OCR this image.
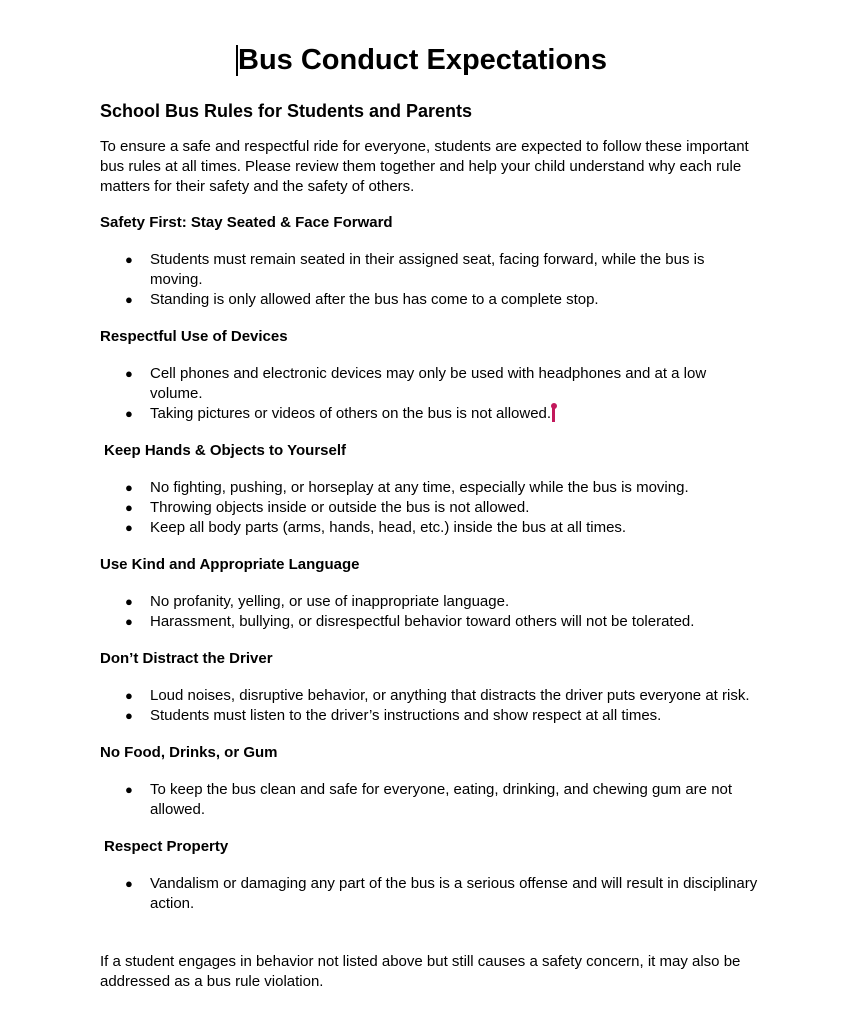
Bus Conduct Expectations
School Bus Rules for Students and Parents

To ensure a safe and respectful ride for everyone, students are expected to follow these important bus rules at all times. Please review them together and help your child understand why each rule matters for their safety and the safety of others.

Safety First: Stay Seated & Face Forward
● Students must remain seated in their assigned seat, facing forward, while the bus is moving.
● Standing is only allowed after the bus has come to a complete stop.
Respectful Use of Devices
● Cell phones and electronic devices may only be used with headphones and at a low volume.
● Taking pictures or videos of others on the bus is not allowed.
Keep Hands & Objects to Yourself
● No fighting, pushing, or horseplay at any time, especially while the bus is moving.
● Throwing objects inside or outside the bus is not allowed.
● Keep all body parts (arms, hands, head, etc.) inside the bus at all times.
Use Kind and Appropriate Language
● No profanity, yelling, or use of inappropriate language.
● Harassment, bullying, or disrespectful behavior toward others will not be tolerated.
Don’t Distract the Driver
● Loud noises, disruptive behavior, or anything that distracts the driver puts everyone at risk.
● Students must listen to the driver’s instructions and show respect at all times.
No Food, Drinks, or Gum
● To keep the bus clean and safe for everyone, eating, drinking, and chewing gum are not allowed.
Respect Property
● Vandalism or damaging any part of the bus is a serious offense and will result in disciplinary action.

If a student engages in behavior not listed above but still causes a safety concern, it may also be addressed as a bus rule violation.
